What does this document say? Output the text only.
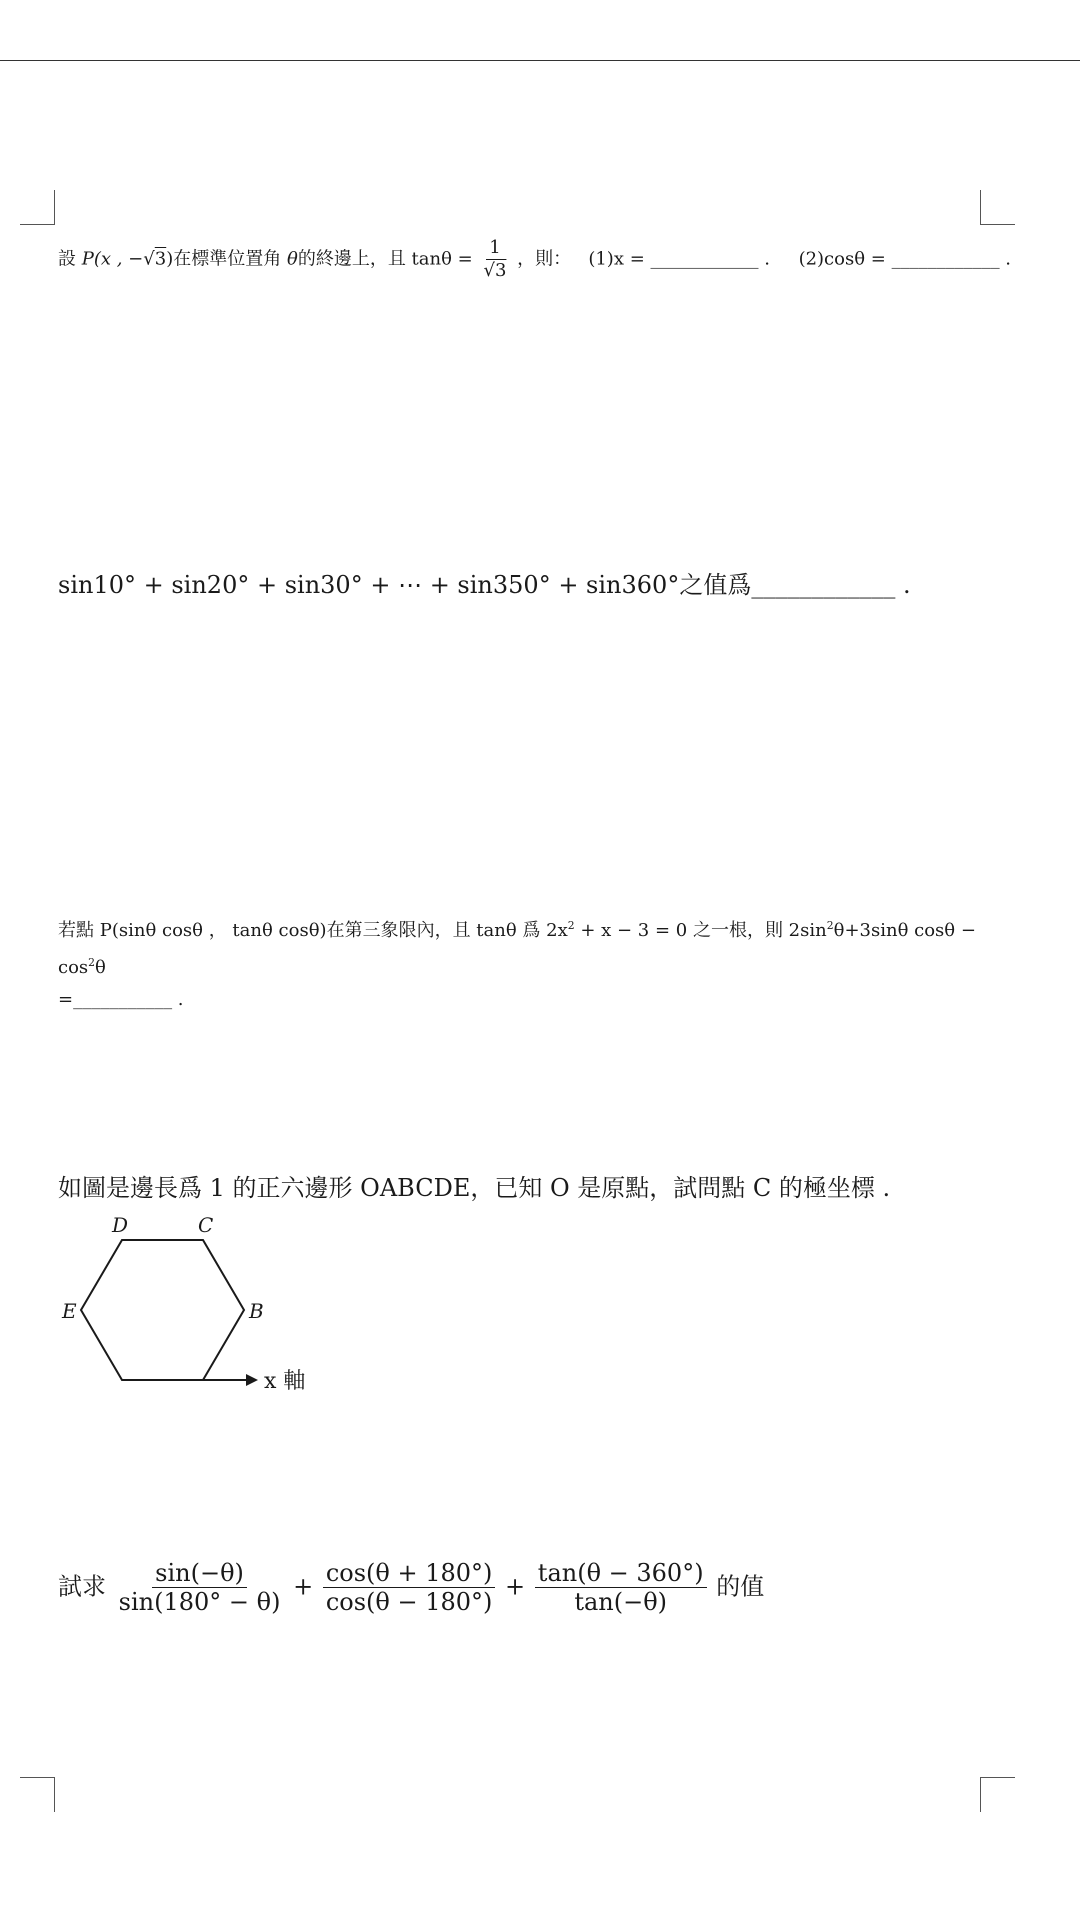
設 P(x , −√3)在標準位置角 θ的終邊上，且 $\tan\theta = \frac{1}{√3}$ ，則： (1)x = ____________ . (2)cosθ = ____________ .
sin10° + sin20° + sin30° + ⋯ + sin350° + sin360°之值爲____________ .
若點 P(sinθ cosθ ， tanθ cosθ)在第三象限內，且 tanθ 爲 $2x^2 + x - 3 = 0$ 之一根，則 $2\sin^2\theta+3\sin\theta$ $\cos\theta - \cos^2\theta$
=___________ .
如圖是邊長爲 1 的正六邊形 OABCDE，已知 O 是原點，試問點 C 的極坐標 .
D	C
E	B
x 軸
試求 $\frac{\sin(-\theta)}{\sin(180^\circ - \theta)} + \frac{\cos(\theta + 180^\circ)}{\cos(\theta - 180^\circ)} + \frac{\tan(\theta - 360^\circ)}{\tan(-\theta)}$ 的值
